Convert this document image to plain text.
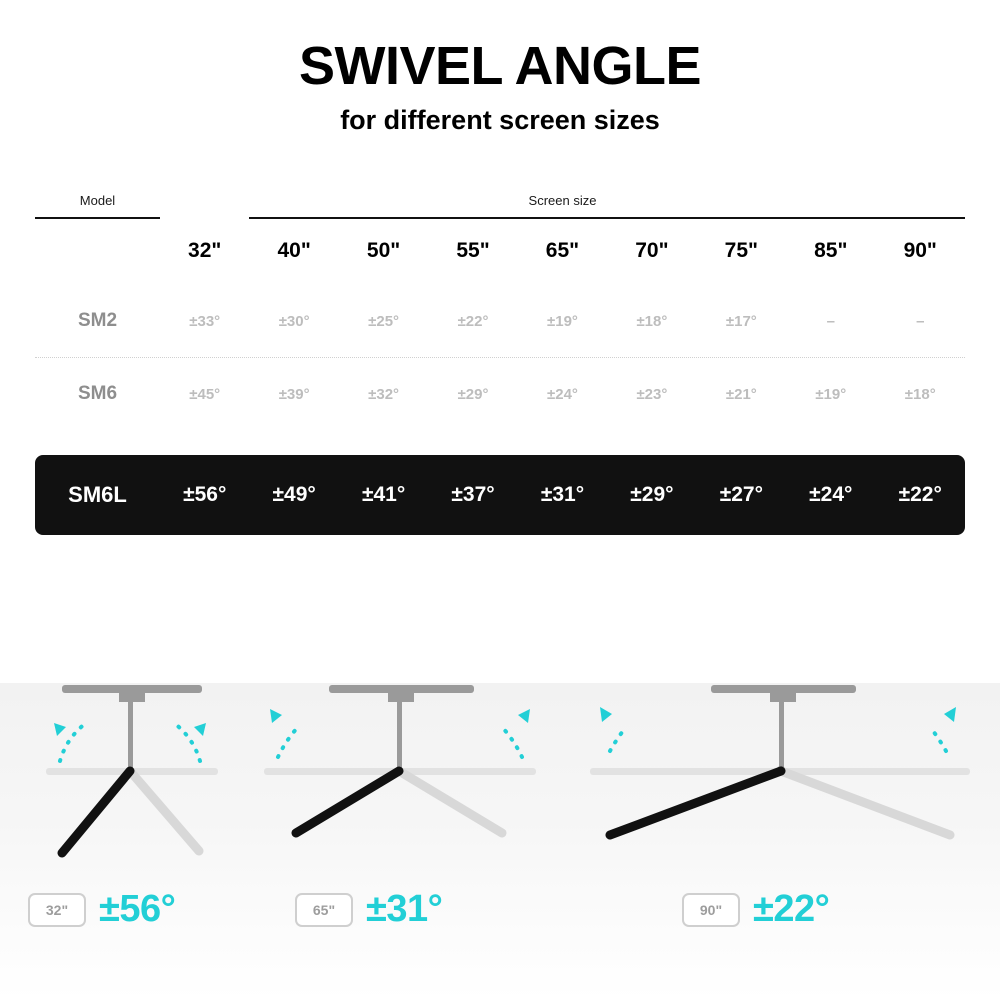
SWIVEL ANGLE
for different screen sizes
Model	Screen size								

	32"	40"	50"	55"	65"	70"	75"	85"	90"
SM2	±33°	±30°	±25°	±22°	±19°	±18°	±17°	–	–

SM6	±45°	±39°	±32°	±29°	±24°	±23°	±21°	±19°	±18°
SM6L	±56°	±49°	±41°	±37°	±31°	±29°	±27°	±24°	±22°
32" ±56°	65" ±31°	90" ±22°
